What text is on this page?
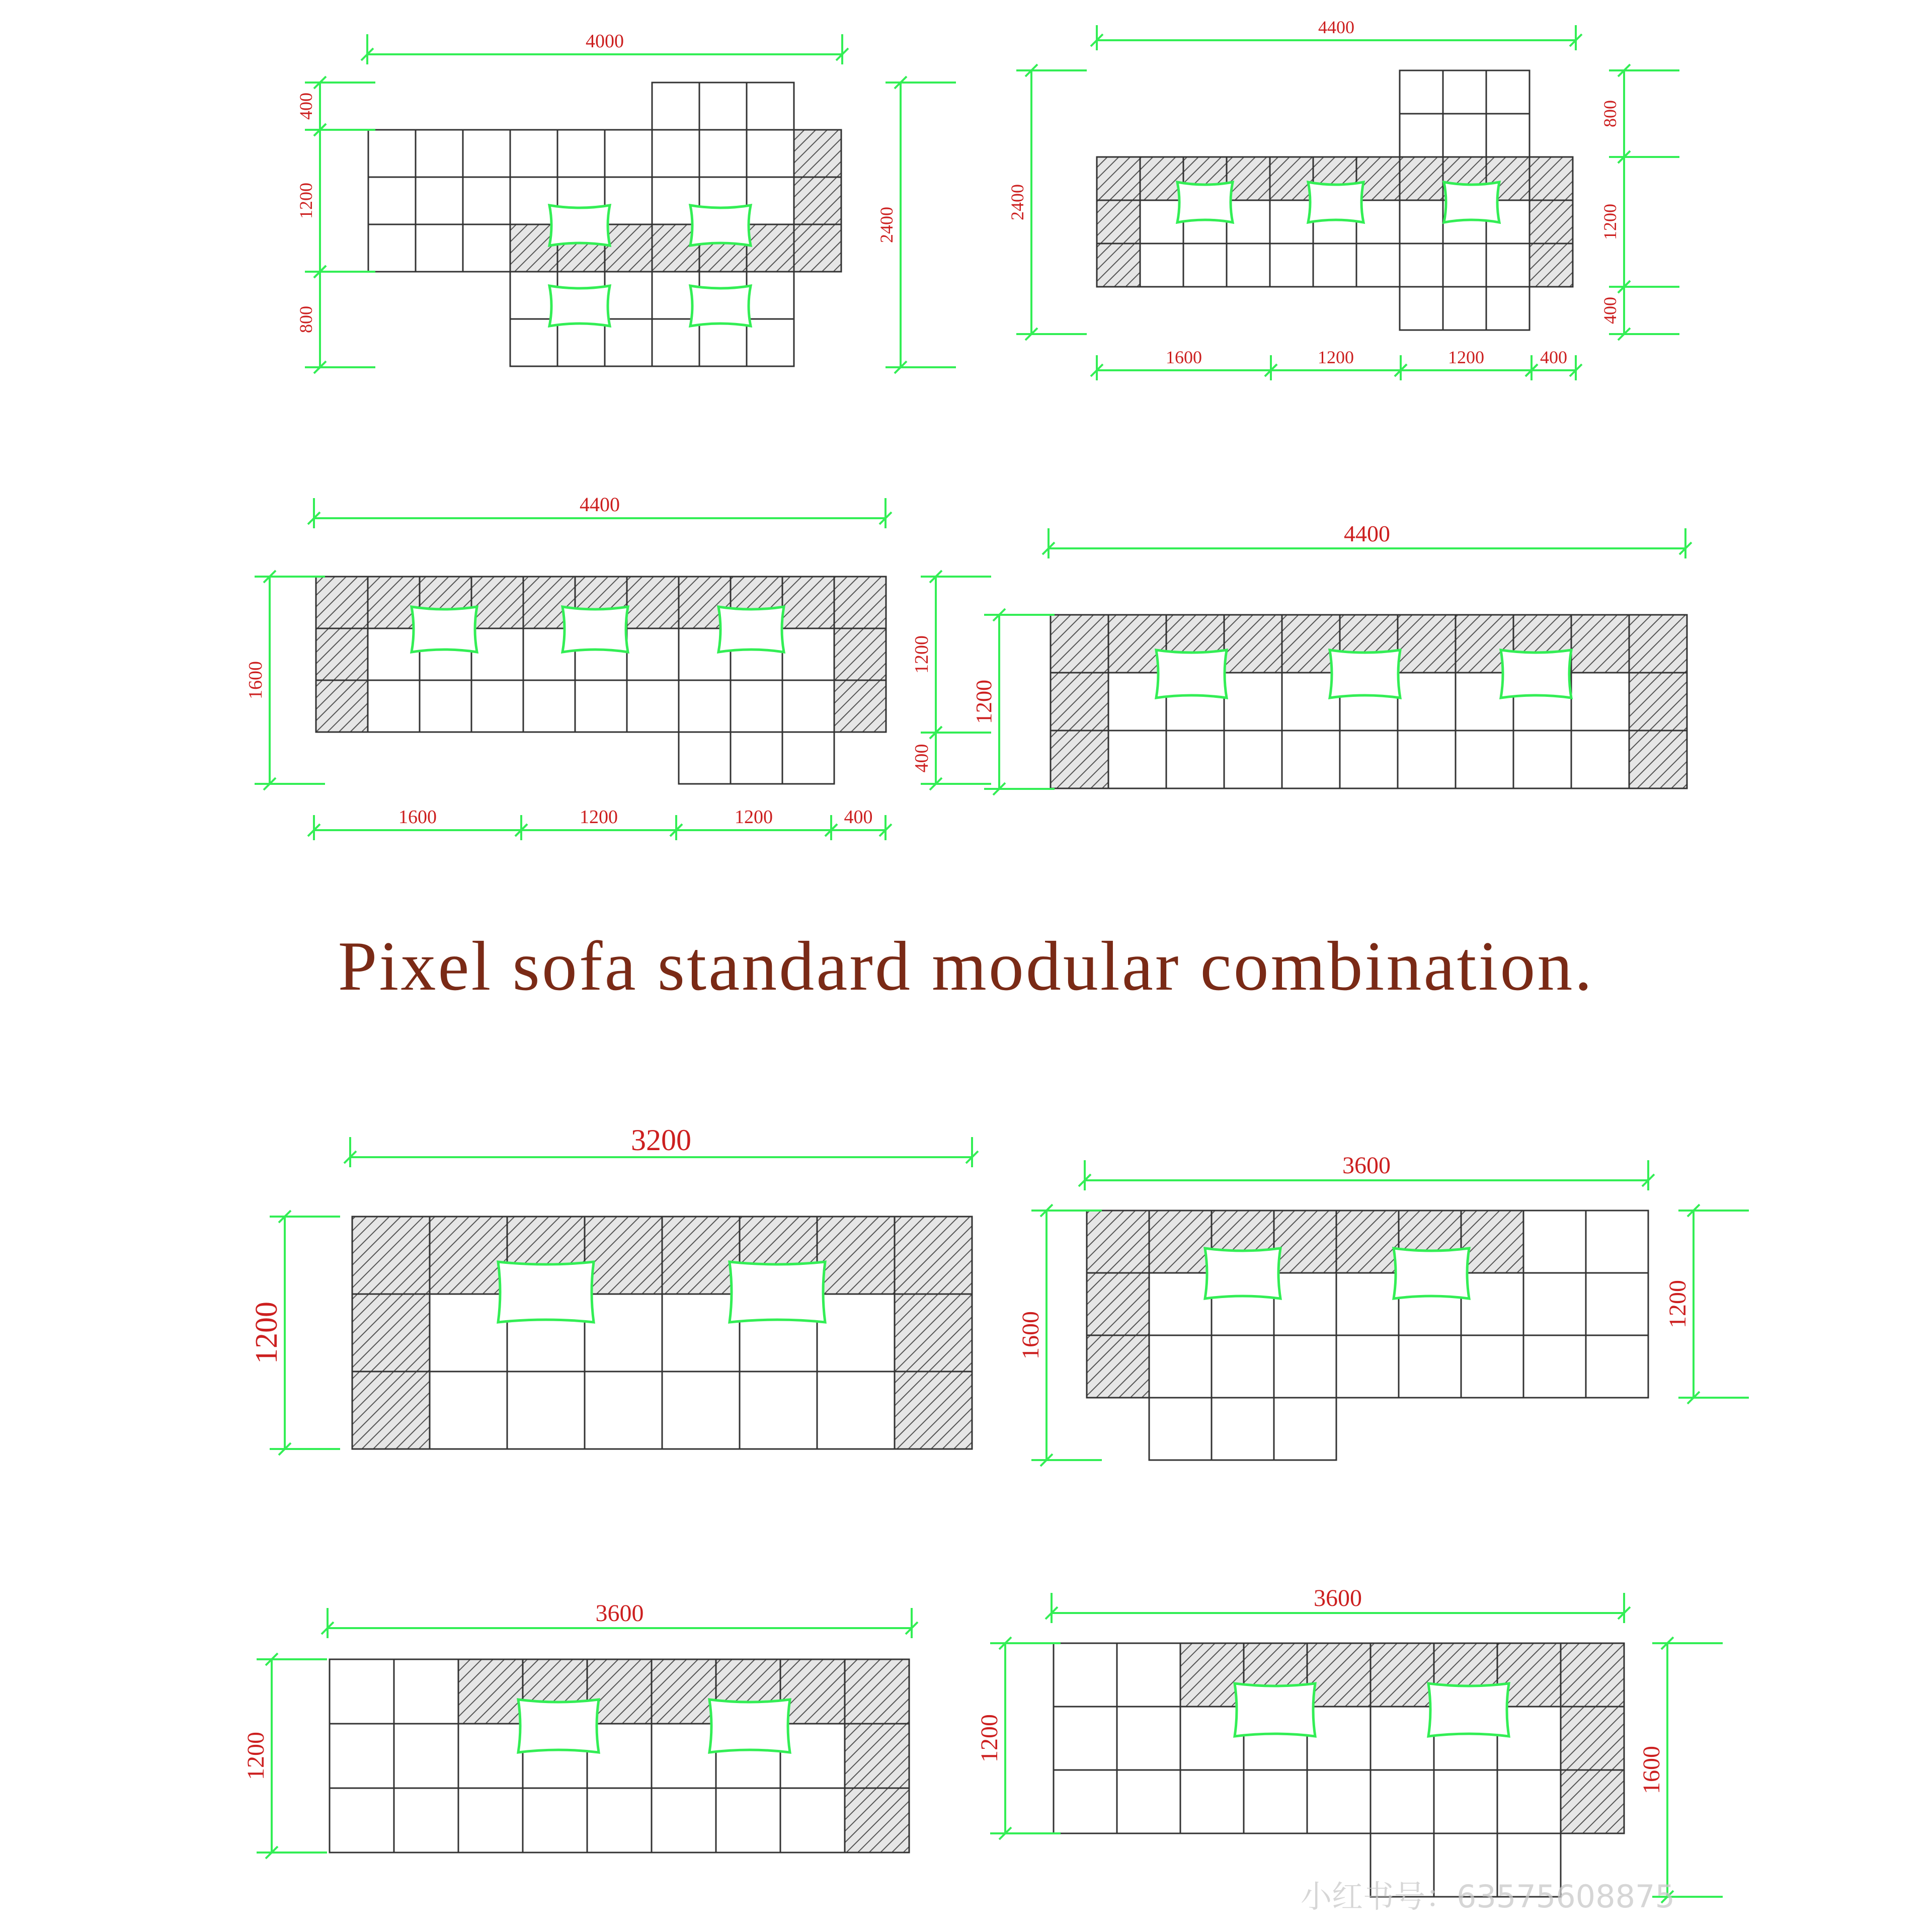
4000
400
1200
800
2400
4400
2400
800
1200
400
1600	1200	1200	400
4400
1600
1200
400
1600	1200	1200	400
4400
1200
3200
1200
3600
1600
1200
3600
1200
3600
1200
1600
Pixel sofa standard modular combination.
小红书号：63575608875
